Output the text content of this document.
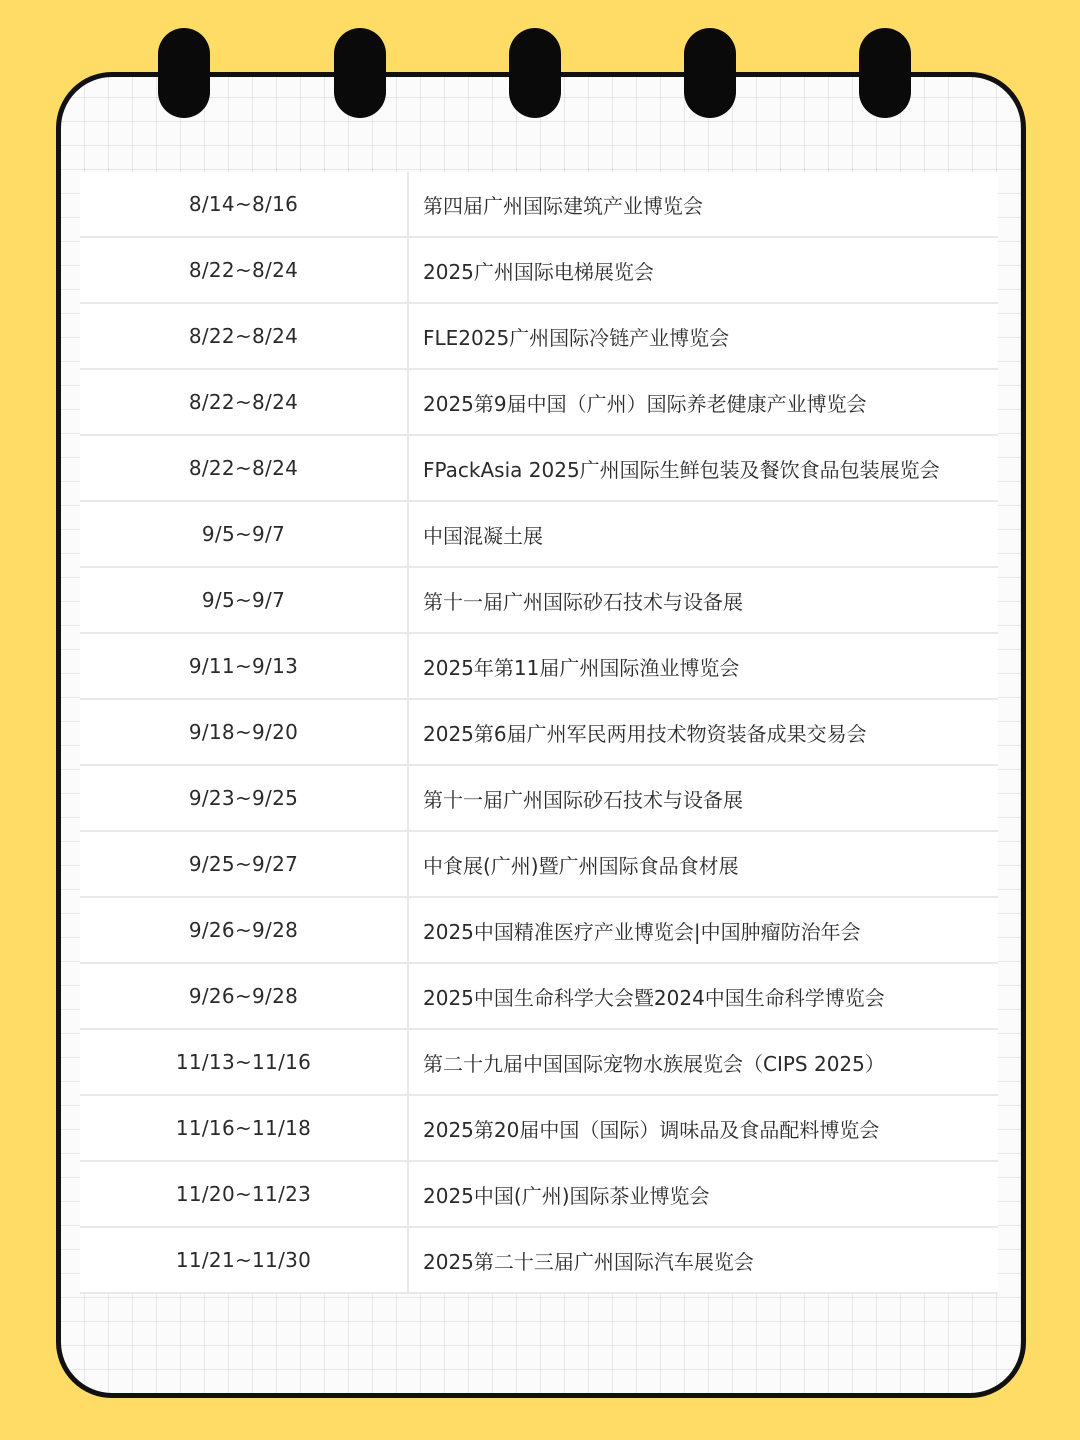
8/14~8/16	第四届广州国际建筑产业博览会
8/22~8/24	2025广州国际电梯展览会
8/22~8/24	FLE2025广州国际冷链产业博览会
8/22~8/24	2025第9届中国（广州）国际养老健康产业博览会
8/22~8/24	FPackAsia 2025广州国际生鲜包装及餐饮食品包装展览会
9/5~9/7	中国混凝土展
9/5~9/7	第十一届广州国际砂石技术与设备展
9/11~9/13	2025年第11届广州国际渔业博览会
9/18~9/20	2025第6届广州军民两用技术物资装备成果交易会
9/23~9/25	第十一届广州国际砂石技术与设备展
9/25~9/27	中食展(广州)暨广州国际食品食材展
9/26~9/28	2025中国精准医疗产业博览会|中国肿瘤防治年会
9/26~9/28	2025中国生命科学大会暨2024中国生命科学博览会
11/13~11/16	第二十九届中国国际宠物水族展览会（CIPS 2025）
11/16~11/18	2025第20届中国（国际）调味品及食品配料博览会
11/20~11/23	2025中国(广州)国际茶业博览会
11/21~11/30	2025第二十三届广州国际汽车展览会
